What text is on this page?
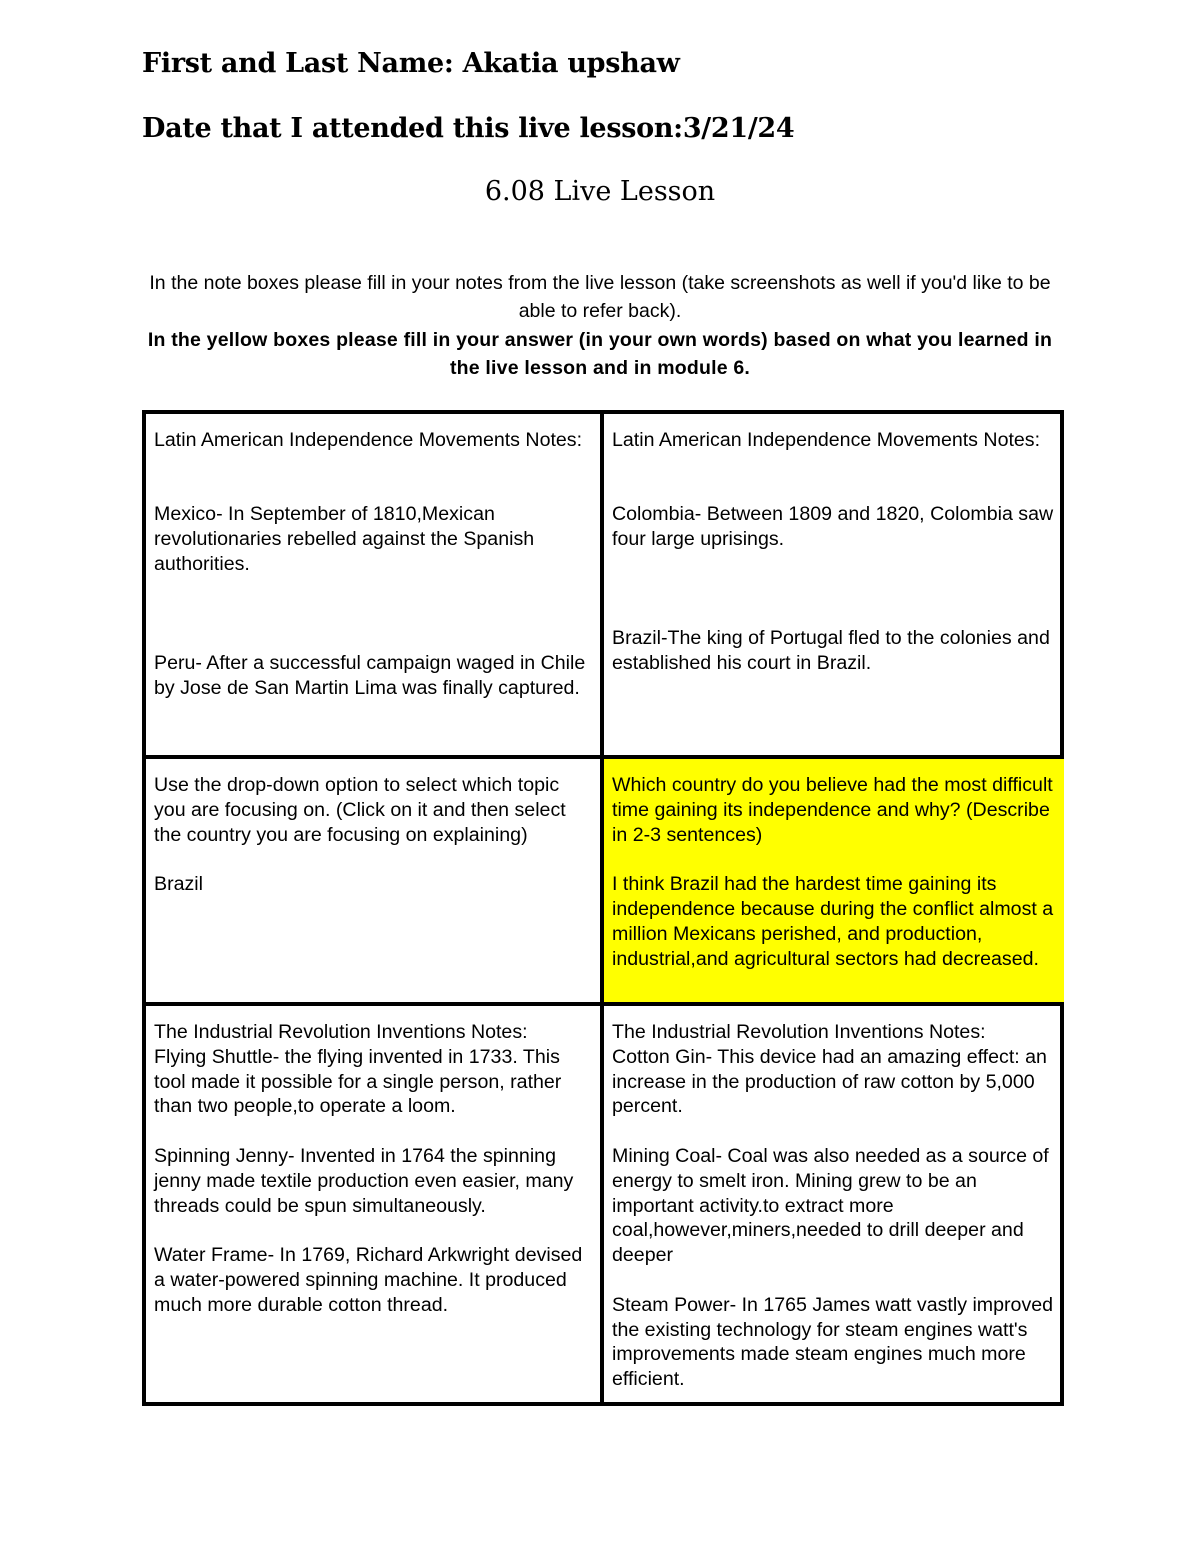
First and Last Name: Akatia upshaw
Date that I attended this live lesson:3/21/24
6.08 Live Lesson
In the note boxes please fill in your notes from the live lesson (take screenshots as well if you'd like to be able to refer back).
In the yellow boxes please fill in your answer (in your own words) based on what you learned in the live lesson and in module 6.

Latin American Independence Movements Notes:

Mexico- In September of 1810,Mexican revolutionaries rebelled against the Spanish authorities.

Peru- After a successful campaign waged in Chile by Jose de San Martin Lima was finally captured.

Latin American Independence Movements Notes:

Colombia- Between 1809 and 1820, Colombia saw four large uprisings.

Brazil-The king of Portugal fled to the colonies and established his court in Brazil.

Use the drop-down option to select which topic you are focusing on. (Click on it and then select the country you are focusing on explaining)

Brazil

Which country do you believe had the most difficult time gaining its independence and why? (Describe in 2-3 sentences)

I think Brazil had the hardest time gaining its independence because during the conflict almost a million Mexicans perished, and production, industrial,and agricultural sectors had decreased.

The Industrial Revolution Inventions Notes:

Flying Shuttle- the flying invented in 1733. This tool made it possible for a single person, rather than two people,to operate a loom.

Spinning Jenny- Invented in 1764 the spinning jenny made textile production even easier, many threads could be spun simultaneously.

Water Frame- In 1769, Richard Arkwright devised a water-powered spinning machine. It produced much more durable cotton thread.

The Industrial Revolution Inventions Notes:

Cotton Gin- This device had an amazing effect: an increase in the production of raw cotton by 5,000 percent.

Mining Coal- Coal was also needed as a source of energy to smelt iron. Mining grew to be an important activity.to extract more coal,however,miners,needed to drill deeper and deeper

Steam Power- In 1765 James watt vastly improved the existing technology for steam engines watt's improvements made steam engines much more efficient.
